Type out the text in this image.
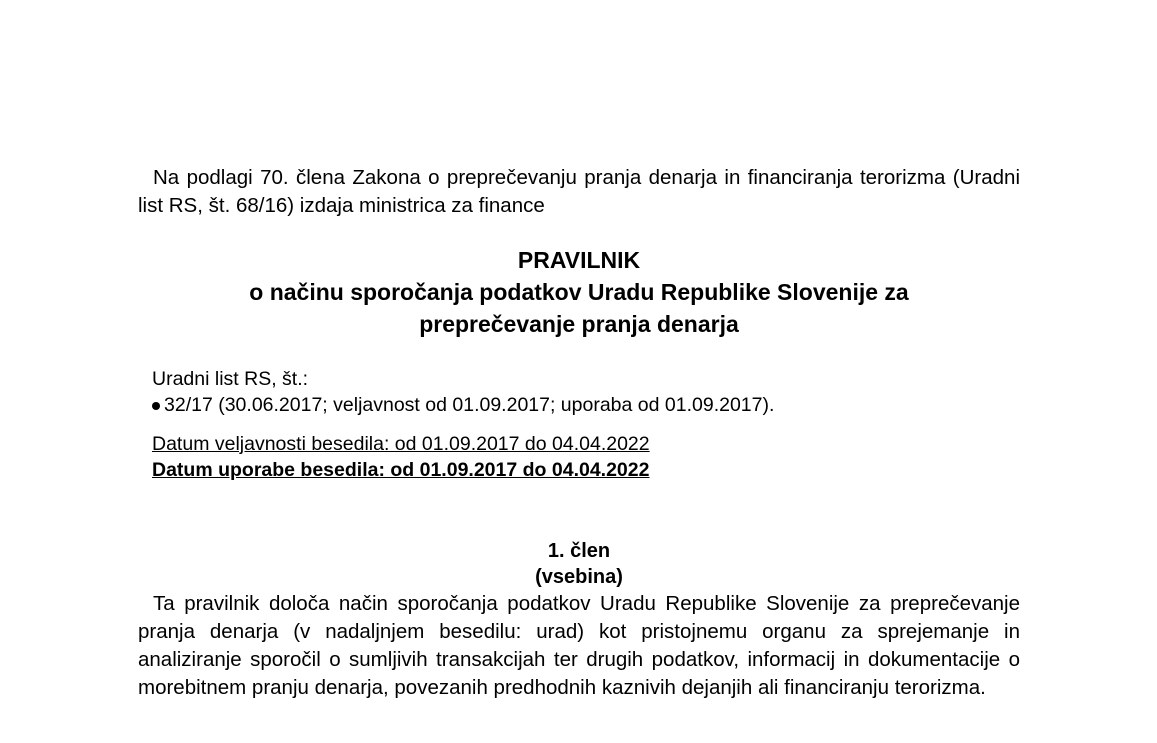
Na podlagi 70. člena Zakona o preprečevanju pranja denarja in financiranja terorizma (Uradni list RS, št. 68/16) izdaja ministrica za finance
PRAVILNIK
o načinu sporočanja podatkov Uradu Republike Slovenije za
preprečevanje pranja denarja
Uradni list RS, št.:
32/17 (30.06.2017; veljavnost od 01.09.2017; uporaba od 01.09.2017).
Datum veljavnosti besedila: od 01.09.2017 do 04.04.2022
Datum uporabe besedila: od 01.09.2017 do 04.04.2022
1. člen
(vsebina)
Ta pravilnik določa način sporočanja podatkov Uradu Republike Slovenije za preprečevanje pranja denarja (v nadaljnjem besedilu: urad) kot pristojnemu organu za sprejemanje in analiziranje sporočil o sumljivih transakcijah ter drugih podatkov, informacij in dokumentacije o morebitnem pranju denarja, povezanih predhodnih kaznivih dejanjih ali financiranju terorizma.
